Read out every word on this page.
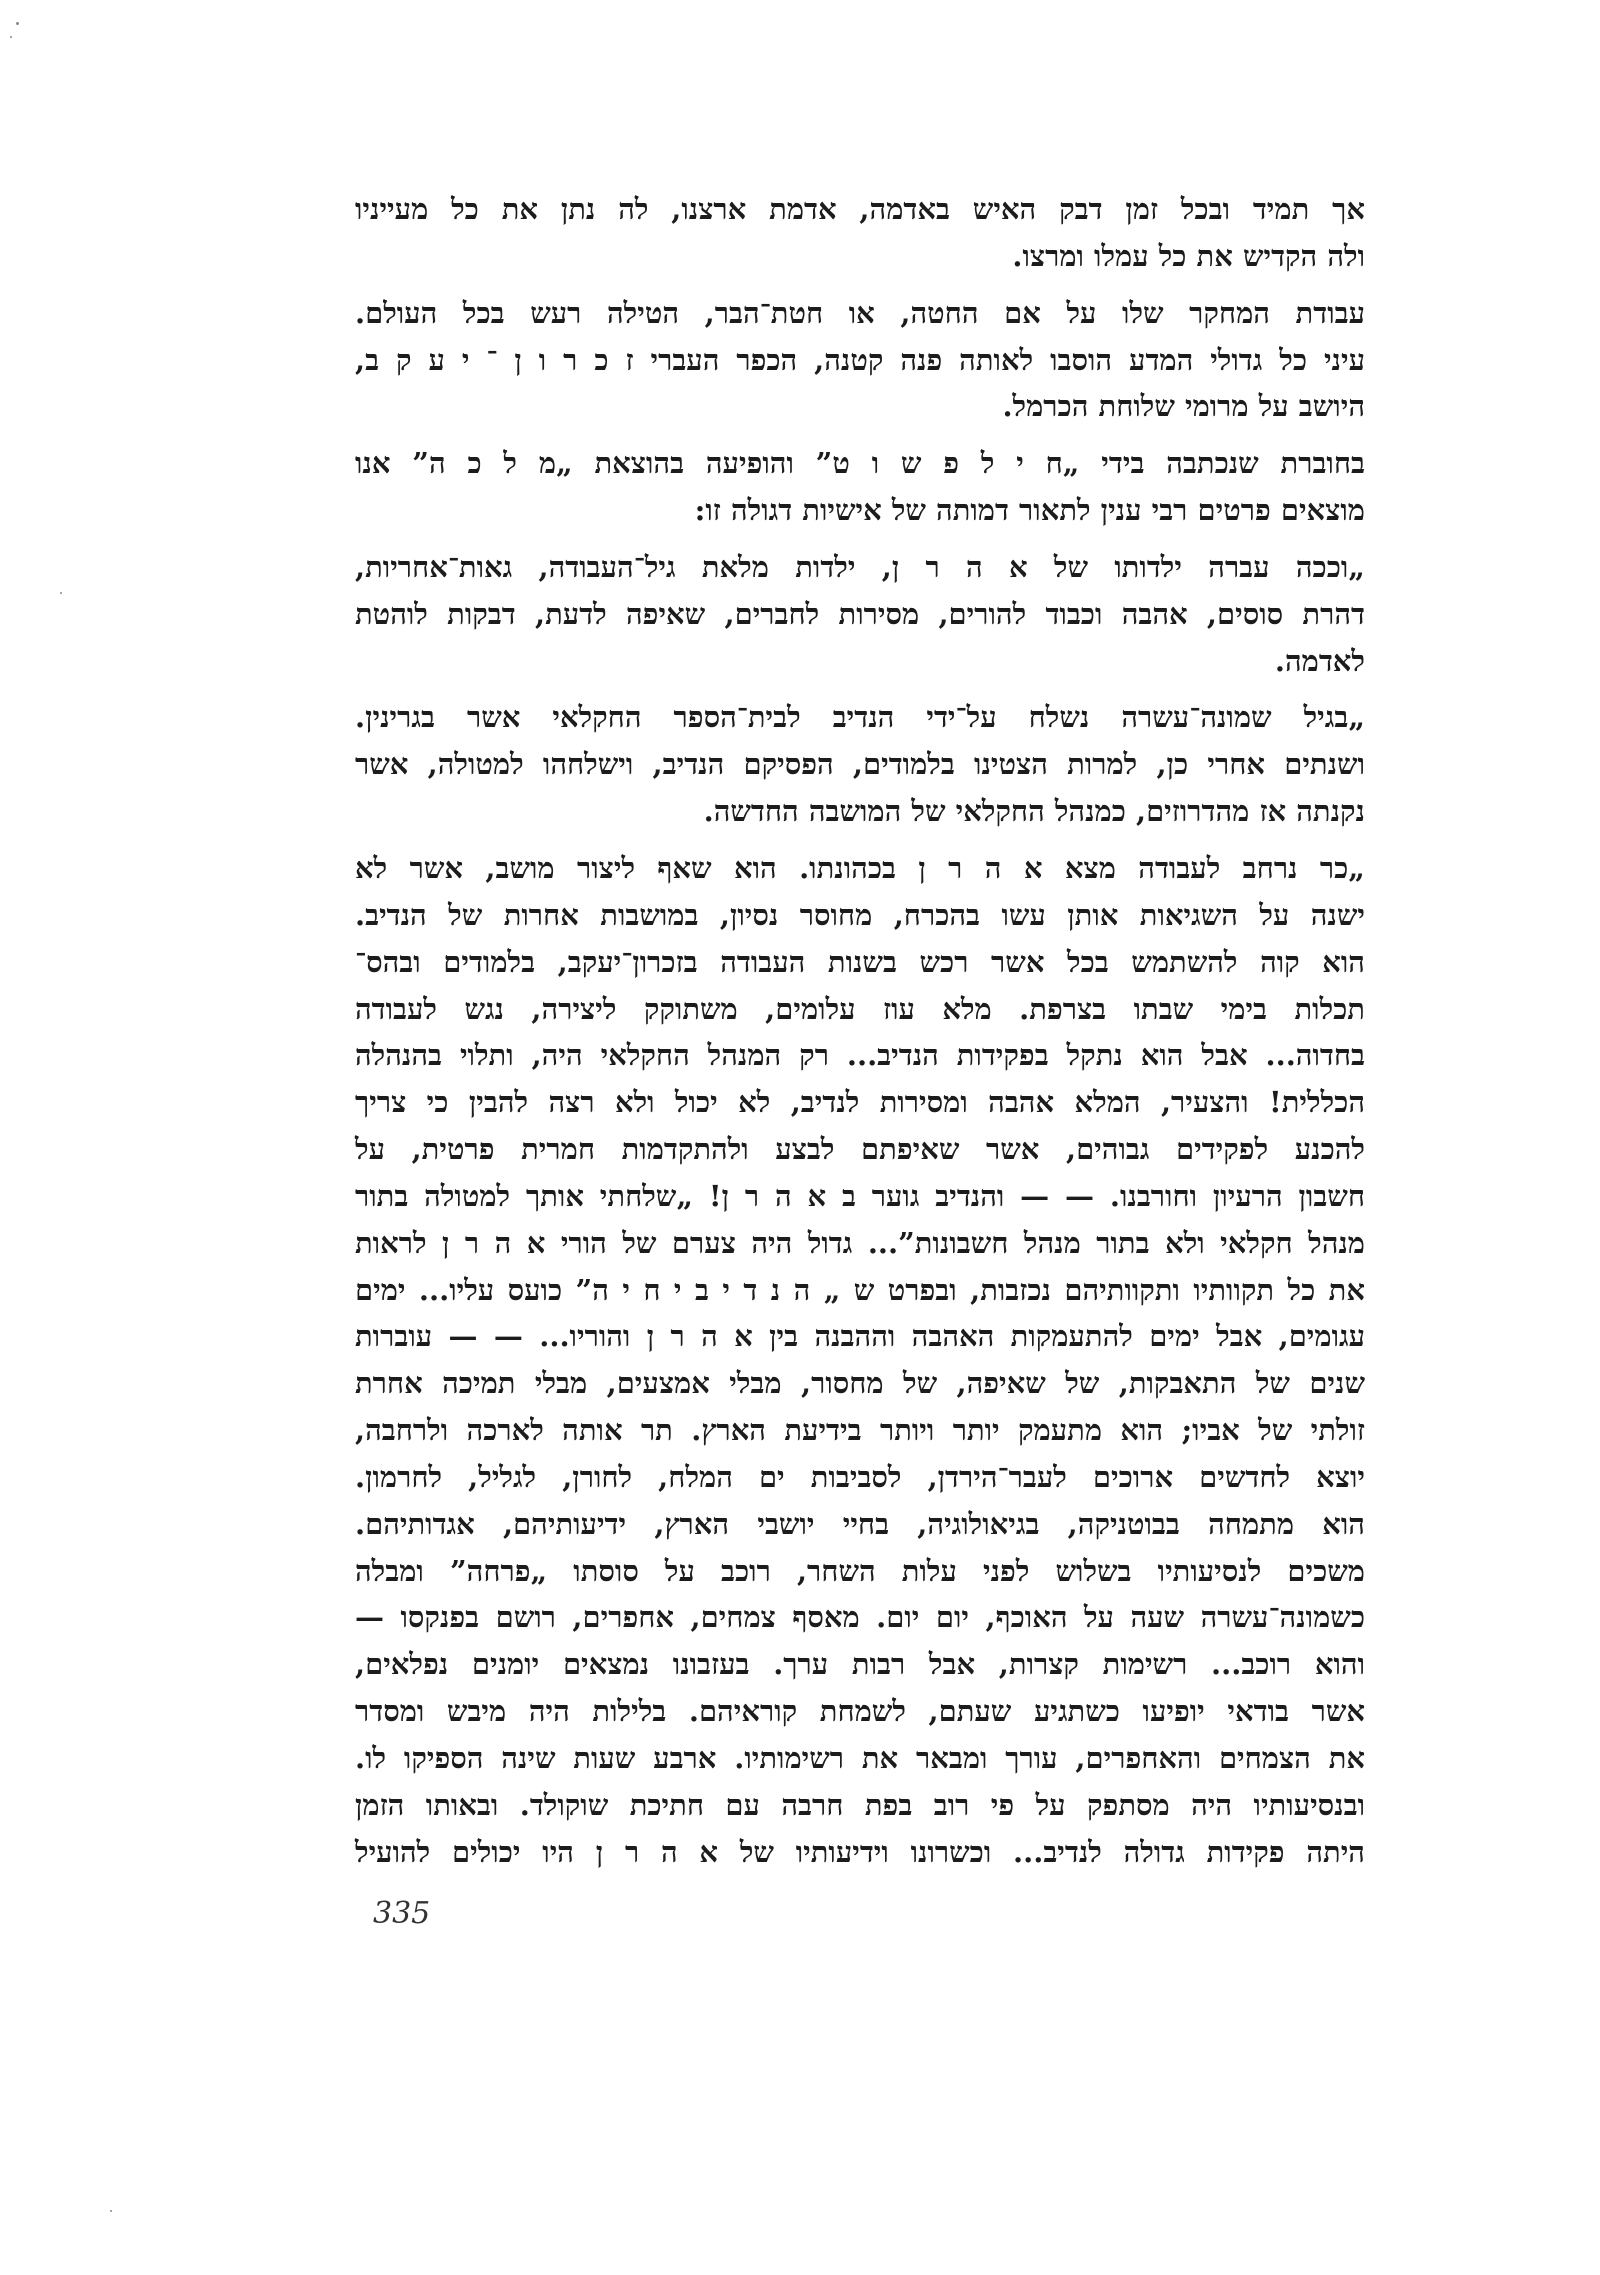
אך תמיד ובכל זמן דבק האיש באדמה, אדמת ארצנו, לה נתן את כל מעייניו
ולה הקדיש את כל עמלו ומרצו.
עבודת המחקר שלו על אם החטה, או חטת־הבר, הטילה רעש בכל העולם.
עיני כל גדולי המדע הוסבו לאותה פנה קטנה, הכפר העברי ז כ ר ו ן ־ י ע ק ב,
היושב על מרומי שלוחת הכרמל.
בחוברת שנכתבה בידי „ח י ל פ ש ו ט” והופיעה בהוצאת „מ ל כ ה” אנו
מוצאים פרטים רבי ענין לתאור דמותה של אישיות דגולה זו:
„וככה עברה ילדותו של א ה ר ן, ילדות מלאת גיל־העבודה, גאות־אחריות,
דהרת סוסים, אהבה וכבוד להורים, מסירות לחברים, שאיפה לדעת, דבקות לוהטת
לאדמה.
„בגיל שמונה־עשרה נשלח על־ידי הנדיב לבית־הספר החקלאי אשר בגרינין.
ושנתים אחרי כן, למרות הצטינו בלמודים, הפסיקם הנדיב, וישלחהו למטולה, אשר
נקנתה אז מהדרוזים, כמנהל החקלאי של המושבה החדשה.
„כר נרחב לעבודה מצא א ה ר ן בכהונתו. הוא שאף ליצור מושב, אשר לא
ישנה על השגיאות אותן עשו בהכרח, מחוסר נסיון, במושבות אחרות של הנדיב.
הוא קוה להשתמש בכל אשר רכש בשנות העבודה בזכרון־יעקב, בלמודים ובהס־
תכלות בימי שבתו בצרפת. מלא עוז עלומים, משתוקק ליצירה, נגש לעבודה
בחדוה... אבל הוא נתקל בפקידות הנדיב... רק המנהל החקלאי היה, ותלוי בהנהלה
הכללית! והצעיר, המלא אהבה ומסירות לנדיב, לא יכול ולא רצה להבין כי צריך
להכנע לפקידים גבוהים, אשר שאיפתם לבצע ולהתקדמות חמרית פרטית, על
חשבון הרעיון וחורבנו. — — והנדיב גוער ב א ה ר ן! „שלחתי אותך למטולה בתור
מנהל חקלאי ולא בתור מנהל חשבונות”... גדול היה צערם של הורי א ה ר ן לראות
את כל תקוותיו ותקוותיהם נכזבות, ובפרט ש „ ה נ ד י ב י ח י ה” כועס עליו... ימים
עגומים, אבל ימים להתעמקות האהבה וההבנה בין א ה ר ן והוריו... — — עוברות
שנים של התאבקות, של שאיפה, של מחסור, מבלי אמצעים, מבלי תמיכה אחרת
זולתי של אביו; הוא מתעמק יותר ויותר בידיעת הארץ. תר אותה לארכה ולרחבה,
יוצא לחדשים ארוכים לעבר־הירדן, לסביבות ים המלח, לחורן, לגליל, לחרמון.
הוא מתמחה בבוטניקה, בגיאולוגיה, בחיי יושבי הארץ, ידיעותיהם, אגדותיהם.
משכים לנסיעותיו בשלוש לפני עלות השחר, רוכב על סוסתו „פרחה” ומבלה
כשמונה־עשרה שעה על האוכף, יום יום. מאסף צמחים, אחפרים, רושם בפנקסו —
והוא רוכב... רשימות קצרות, אבל רבות ערך. בעזבונו נמצאים יומנים נפלאים,
אשר בודאי יופיעו כשתגיע שעתם, לשמחת קוראיהם. בלילות היה מיבש ומסדר
את הצמחים והאחפרים, עורך ומבאר את רשימותיו. ארבע שעות שינה הספיקו לו.
ובנסיעותיו היה מסתפק על פי רוב בפת חרבה עם חתיכת שוקולד. ובאותו הזמן
היתה פקידות גדולה לנדיב... וכשרונו וידיעותיו של א ה ר ן היו יכולים להועיל
335
